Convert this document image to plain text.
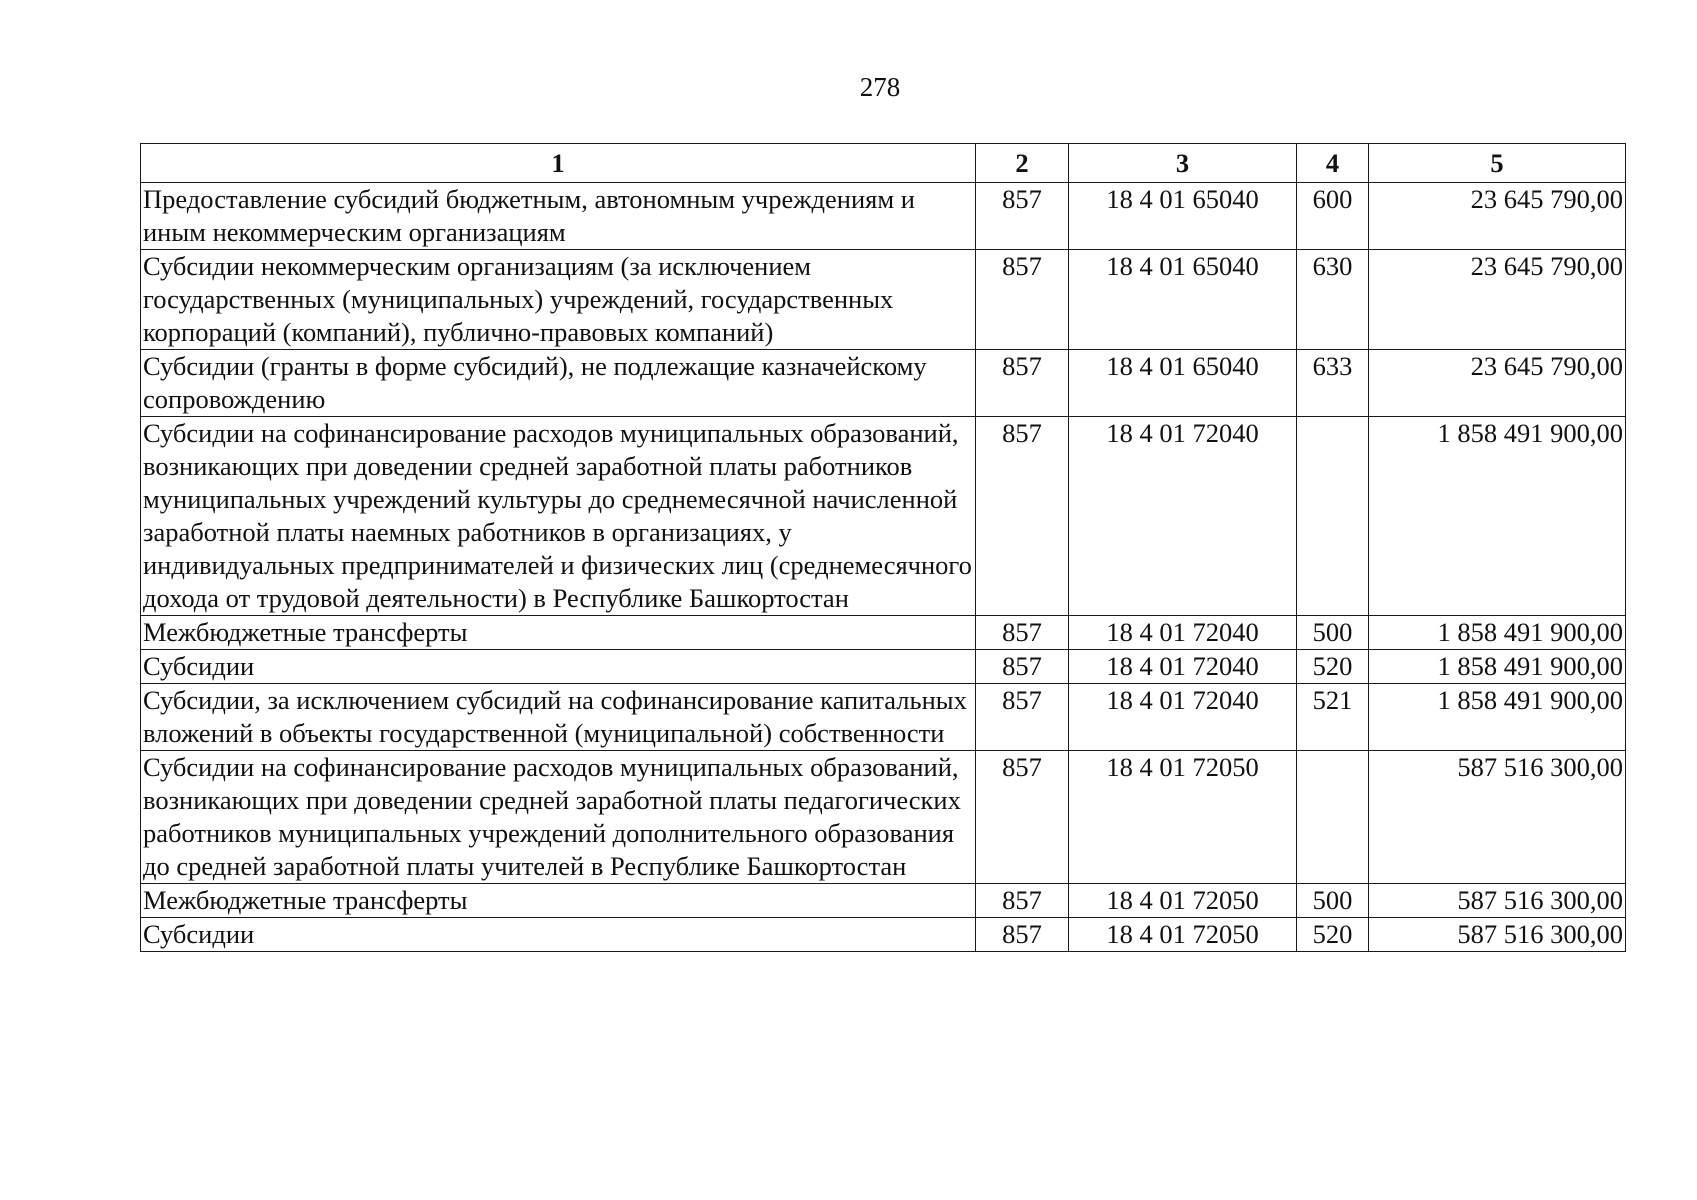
278
1	2	3	4	5
Предоставление субсидий бюджетным, автономным учреждениям и иным некоммерческим организациям	857	18 4 01 65040	600	23 645 790,00
Субсидии некоммерческим организациям (за исключением государственных (муниципальных) учреждений, государственных корпораций (компаний), публично-правовых компаний)	857	18 4 01 65040	630	23 645 790,00
Субсидии (гранты в форме субсидий), не подлежащие казначейскому сопровождению	857	18 4 01 65040	633	23 645 790,00
Субсидии на софинансирование расходов муниципальных образований, возникающих при доведении средней заработной платы работников муниципальных учреждений культуры до среднемесячной начисленной заработной платы наемных работников в организациях, у индивидуальных предпринимателей и физических лиц (среднемесячного дохода от трудовой деятельности) в Республике Башкортостан	857	18 4 01 72040		1 858 491 900,00
Межбюджетные трансферты	857	18 4 01 72040	500	1 858 491 900,00
Субсидии	857	18 4 01 72040	520	1 858 491 900,00
Субсидии, за исключением субсидий на софинансирование капитальных вложений в объекты государственной (муниципальной) собственности	857	18 4 01 72040	521	1 858 491 900,00
Субсидии на софинансирование расходов муниципальных образований, возникающих при доведении средней заработной платы педагогических работников муниципальных учреждений дополнительного образования до средней заработной платы учителей в Республике Башкортостан	857	18 4 01 72050		587 516 300,00
Межбюджетные трансферты	857	18 4 01 72050	500	587 516 300,00
Субсидии	857	18 4 01 72050	520	587 516 300,00
